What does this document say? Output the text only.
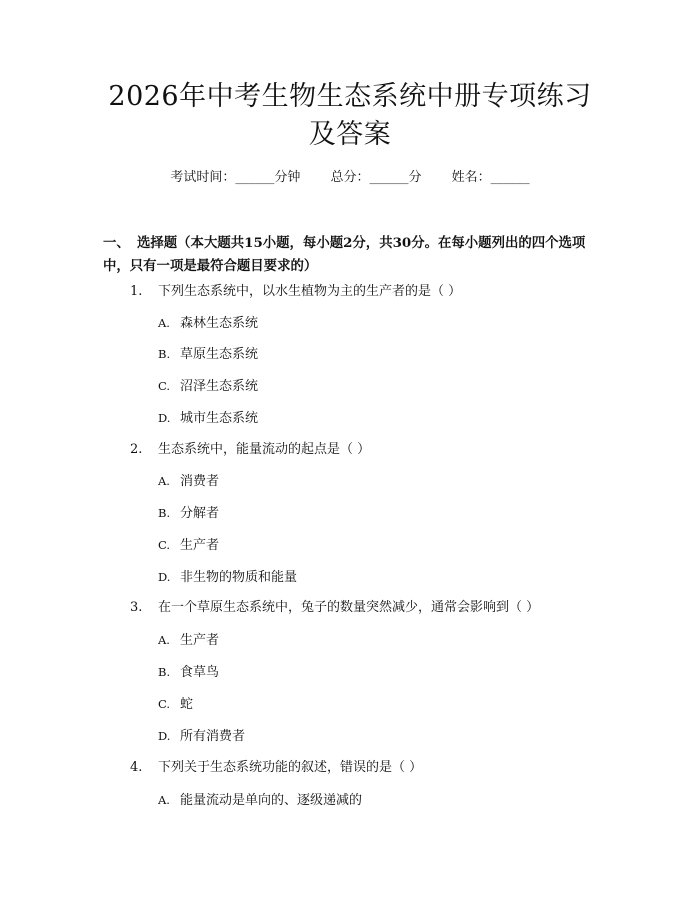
2026年中考生物生态系统中册专项练习及答案
考试时间：______分钟 总分：______分 姓名：______
一、 选择题（本大题共15小题，每小题2分，共30分。在每小题列出的四个选项中，只有一项是最符合题目要求的）
1. 下列生态系统中，以水生植物为主的生产者的是（ ）
A. 森林生态系统
B. 草原生态系统
C. 沼泽生态系统
D. 城市生态系统
2. 生态系统中，能量流动的起点是（ ）
A. 消费者
B. 分解者
C. 生产者
D. 非生物的物质和能量
3. 在一个草原生态系统中，兔子的数量突然减少，通常会影响到（ ）
A. 生产者
B. 食草鸟
C. 蛇
D. 所有消费者
4. 下列关于生态系统功能的叙述，错误的是（ ）
A. 能量流动是单向的、逐级递减的
